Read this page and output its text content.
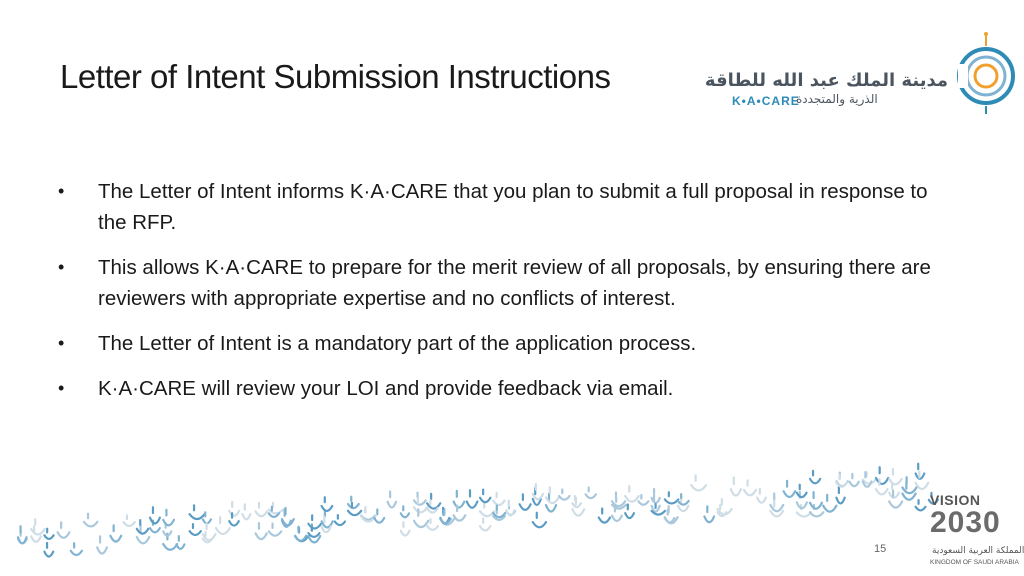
Letter of Intent Submission Instructions	مدينة الملك عبد الله للطاقة
K•A•CARE
الذرية والمتجددة
• The Letter of Intent informs K·A·CARE that you plan to submit a full proposal in response to the RFP.
• This allows K·A·CARE to prepare for the merit review of all proposals, by ensuring there are reviewers with appropriate expertise and no conflicts of interest.
• The Letter of Intent is a mandatory part of the application process.
• K·A·CARE will review your LOI and provide feedback via email.
15
VISION
2030
المملكة العربية السعودية
KINGDOM OF SAUDI ARABIA
